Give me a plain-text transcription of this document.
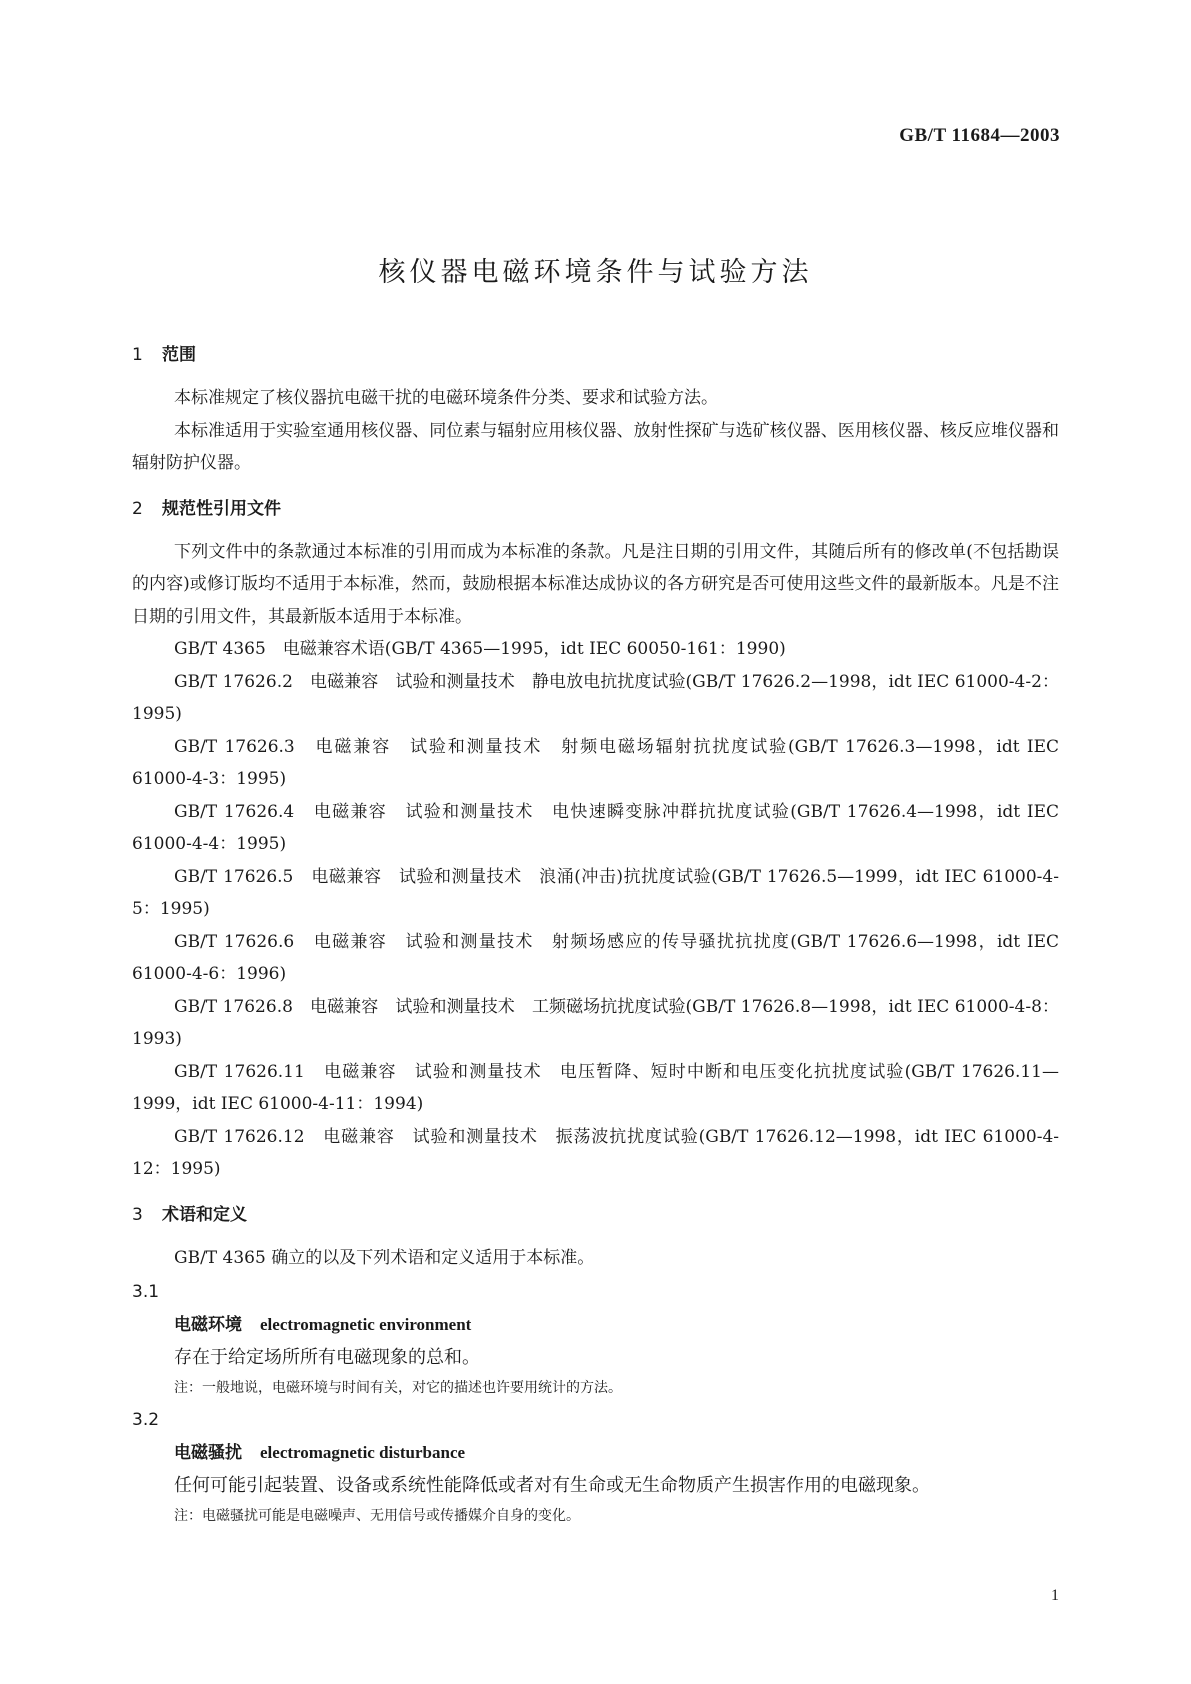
GB/T 11684—2003
核仪器电磁环境条件与试验方法
1 范围

本标准规定了核仪器抗电磁干扰的电磁环境条件分类、要求和试验方法。

本标准适用于实验室通用核仪器、同位素与辐射应用核仪器、放射性探矿与选矿核仪器、医用核仪器、核反应堆仪器和辐射防护仪器。

2 规范性引用文件

下列文件中的条款通过本标准的引用而成为本标准的条款。凡是注日期的引用文件，其随后所有的修改单(不包括勘误的内容)或修订版均不适用于本标准，然而，鼓励根据本标准达成协议的各方研究是否可使用这些文件的最新版本。凡是不注日期的引用文件，其最新版本适用于本标准。

GB/T 4365　电磁兼容术语(GB/T 4365—1995，idt IEC 60050-161：1990)

GB/T 17626.2　电磁兼容　试验和测量技术　静电放电抗扰度试验(GB/T 17626.2—1998，idt IEC 61000-4-2：1995)

GB/T 17626.3　电磁兼容　试验和测量技术　射频电磁场辐射抗扰度试验(GB/T 17626.3—1998，idt IEC 61000-4-3：1995)

GB/T 17626.4　电磁兼容　试验和测量技术　电快速瞬变脉冲群抗扰度试验(GB/T 17626.4—1998，idt IEC 61000-4-4：1995)

GB/T 17626.5　电磁兼容　试验和测量技术　浪涌(冲击)抗扰度试验(GB/T 17626.5—1999，idt IEC 61000-4-5：1995)

GB/T 17626.6　电磁兼容　试验和测量技术　射频场感应的传导骚扰抗扰度(GB/T 17626.6—1998，idt IEC 61000-4-6：1996)

GB/T 17626.8　电磁兼容　试验和测量技术　工频磁场抗扰度试验(GB/T 17626.8—1998，idt IEC 61000-4-8：1993)

GB/T 17626.11　电磁兼容　试验和测量技术　电压暂降、短时中断和电压变化抗扰度试验(GB/T 17626.11—1999，idt IEC 61000-4-11：1994)

GB/T 17626.12　电磁兼容　试验和测量技术　振荡波抗扰度试验(GB/T 17626.12—1998，idt IEC 61000-4-12：1995)

3 术语和定义

GB/T 4365 确立的以及下列术语和定义适用于本标准。

3.1
电磁环境 electromagnetic environment
存在于给定场所所有电磁现象的总和。
注：一般地说，电磁环境与时间有关，对它的描述也许要用统计的方法。
3.2
电磁骚扰 electromagnetic disturbance
任何可能引起装置、设备或系统性能降低或者对有生命或无生命物质产生损害作用的电磁现象。
注：电磁骚扰可能是电磁噪声、无用信号或传播媒介自身的变化。
1
